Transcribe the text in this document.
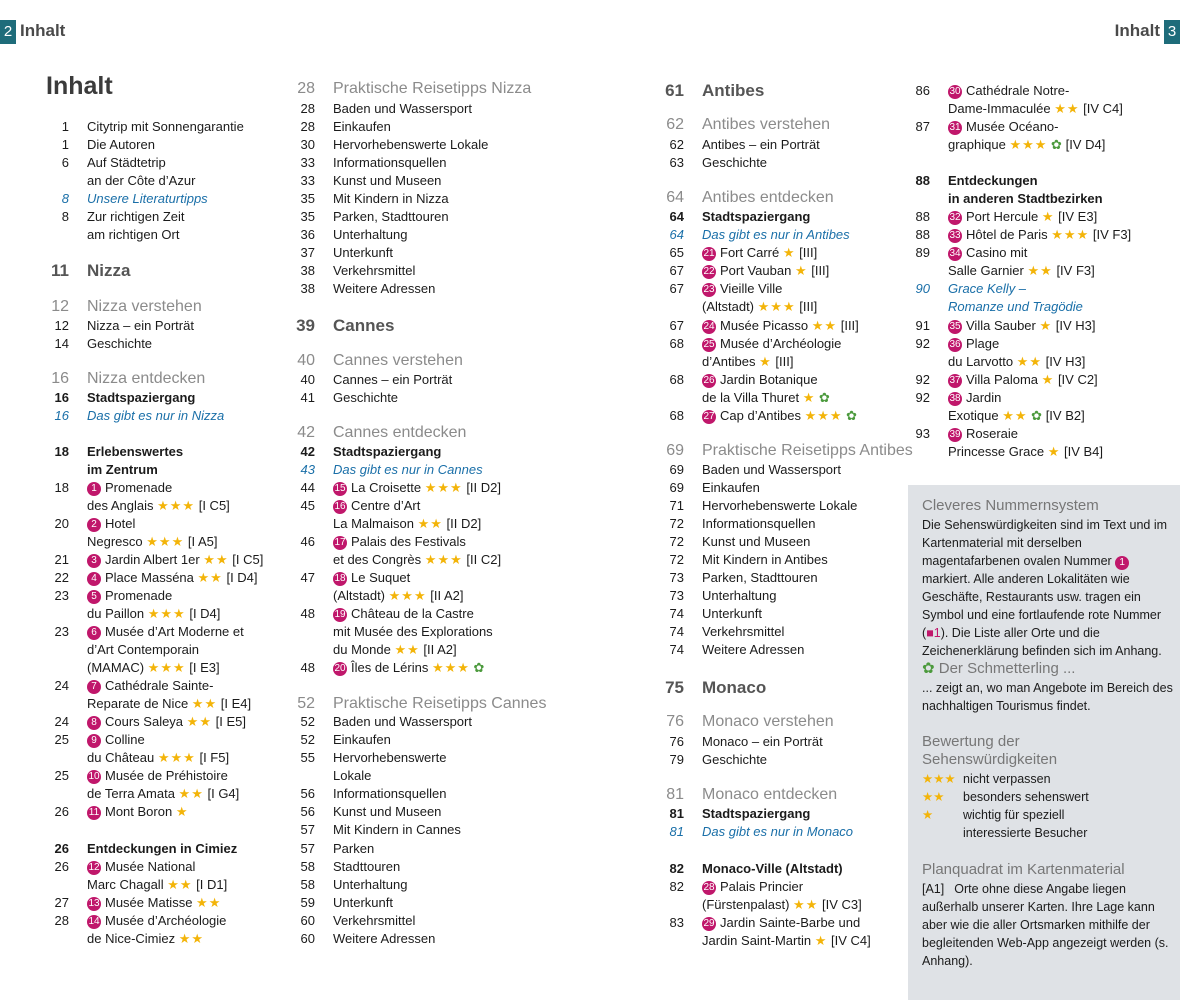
2 Inhalt	Inhalt 3
Inhalt
1 Citytrip mit Sonnengarantie
1 Die Autoren
6 Auf Städtetrip
an der Côte d’Azur
8 Unsere Literaturtipps
8 Zur richtigen Zeit
am richtigen Ort
11 Nizza
12 Nizza verstehen
12 Nizza – ein Porträt
14 Geschichte
16 Nizza entdecken
16 Stadtspaziergang
16 Das gibt es nur in Nizza
18 Erlebenswertes
im Zentrum
18	1 Promenade
des Anglais ★★★ [I C5]
20	2 Hotel
Negresco ★★★ [I A5]
21	3 Jardin Albert 1er ★★ [I C5]
22	4 Place Masséna ★★ [I D4]
23	5 Promenade
du Paillon ★★★ [I D4]
23	6 Musée d’Art Moderne et
d’Art Contemporain
(MAMAC) ★★★ [I E3]
24	7 Cathédrale Sainte-
Reparate de Nice ★★ [I E4]
24	8 Cours Saleya ★★ [I E5]
25	9 Colline
du Château ★★★ [I F5]
25 10 Musée de Préhistoire
de Terra Amata ★★ [I G4]
26 11 Mont Boron ★
26 Entdeckungen in Cimiez
26 12 Musée National
Marc Chagall ★★ [I D1]
27 13 Musée Matisse ★★
28 14 Musée d’Archéologie
de Nice-Cimiez ★★
28 Praktische Reisetipps Nizza
28 Baden und Wassersport
28 Einkaufen
30 Hervorhebenswerte Lokale
33 Informationsquellen
33 Kunst und Museen
35 Mit Kindern in Nizza
35 Parken, Stadttouren
36 Unterhaltung
37 Unterkunft
38 Verkehrsmittel
38 Weitere Adressen
39 Cannes
40 Cannes verstehen
40 Cannes – ein Porträt
41 Geschichte
42 Cannes entdecken
42 Stadtspaziergang
43 Das gibt es nur in Cannes
44 15 La Croisette ★★★ [II D2]
45 16 Centre d’Art
La Malmaison ★★ [II D2]
46 17 Palais des Festivals
et des Congrès ★★★ [II C2]
47 18 Le Suquet
(Altstadt) ★★★ [II A2]
48 19 Château de la Castre
mit Musée des Explorations
du Monde ★★ [II A2]
48 20 Îles de Lérins ★★★ ✿
52 Praktische Reisetipps Cannes
52 Baden und Wassersport
52 Einkaufen
55 Hervorhebenswerte
Lokale
56 Informationsquellen
56 Kunst und Museen
57 Mit Kindern in Cannes
57 Parken
58 Stadttouren
58 Unterhaltung
59 Unterkunft
60 Verkehrsmittel
60 Weitere Adressen
61 Antibes
62 Antibes verstehen
62 Antibes – ein Porträt
63 Geschichte
64 Antibes entdecken
64 Stadtspaziergang
64 Das gibt es nur in Antibes
65 21 Fort Carré ★ [III]
67 22 Port Vauban ★ [III]
67 23 Vieille Ville
(Altstadt) ★★★ [III]
67 24 Musée Picasso ★★ [III]
68 25 Musée d’Archéologie
d’Antibes ★ [III]
68 26 Jardin Botanique
de la Villa Thuret ★ ✿
68 27 Cap d’Antibes ★★★ ✿
69 Praktische Reisetipps Antibes
69 Baden und Wassersport
69 Einkaufen
71 Hervorhebenswerte Lokale
72 Informationsquellen
72 Kunst und Museen
72 Mit Kindern in Antibes
73 Parken, Stadttouren
73 Unterhaltung
74 Unterkunft
74 Verkehrsmittel
74 Weitere Adressen
75 Monaco
76 Monaco verstehen
76 Monaco – ein Porträt
79 Geschichte
81 Monaco entdecken
81 Stadtspaziergang
81 Das gibt es nur in Monaco
82 Monaco-Ville (Altstadt)
82 28 Palais Princier
(Fürstenpalast) ★★ [IV C3]
83 29 Jardin Sainte-Barbe und
Jardin Saint-Martin ★ [IV C4]
86 30 Cathédrale Notre-
Dame-Immaculée ★★ [IV C4]
87 31 Musée Océano-
graphique ★★★ ✿ [IV D4]
88 Entdeckungen
in anderen Stadtbezirken
88 32 Port Hercule ★ [IV E3]
88 33 Hôtel de Paris ★★★ [IV F3]
89 34 Casino mit
Salle Garnier ★★ [IV F3]
90 Grace Kelly –
Romanze und Tragödie
91 35 Villa Sauber ★ [IV H3]
92 36 Plage
du Larvotto ★★ [IV H3]
92 37 Villa Paloma ★ [IV C2]
92 38 Jardin
Exotique ★★ ✿ [IV B2]
93 39 Roseraie
Princesse Grace ★ [IV B4]
Cleveres Nummernsystem
Die Sehenswürdigkeiten sind im Text und im Kartenmaterial mit derselben magentafarbenen ovalen Nummer 1 markiert. Alle anderen Lokalitäten wie Geschäfte, Restaurants usw. tragen ein Symbol und eine fortlaufende rote Nummer (■1). Die Liste aller Orte und die Zeichenerklärung befinden sich im Anhang.
✿ Der Schmetterling ...
... zeigt an, wo man Angebote im Bereich des nachhaltigen Tourismus findet.
Bewertung der Sehenswürdigkeiten
★★★ nicht verpassen
★★ besonders sehenswert
★	wichtig für speziell interessierte Besucher
Planquadrat im Kartenmaterial
[A1] Orte ohne diese Angabe liegen außerhalb unserer Karten. Ihre Lage kann aber wie die aller Ortsmarken mithilfe der begleitenden Web-App angezeigt werden (s. Anhang).
